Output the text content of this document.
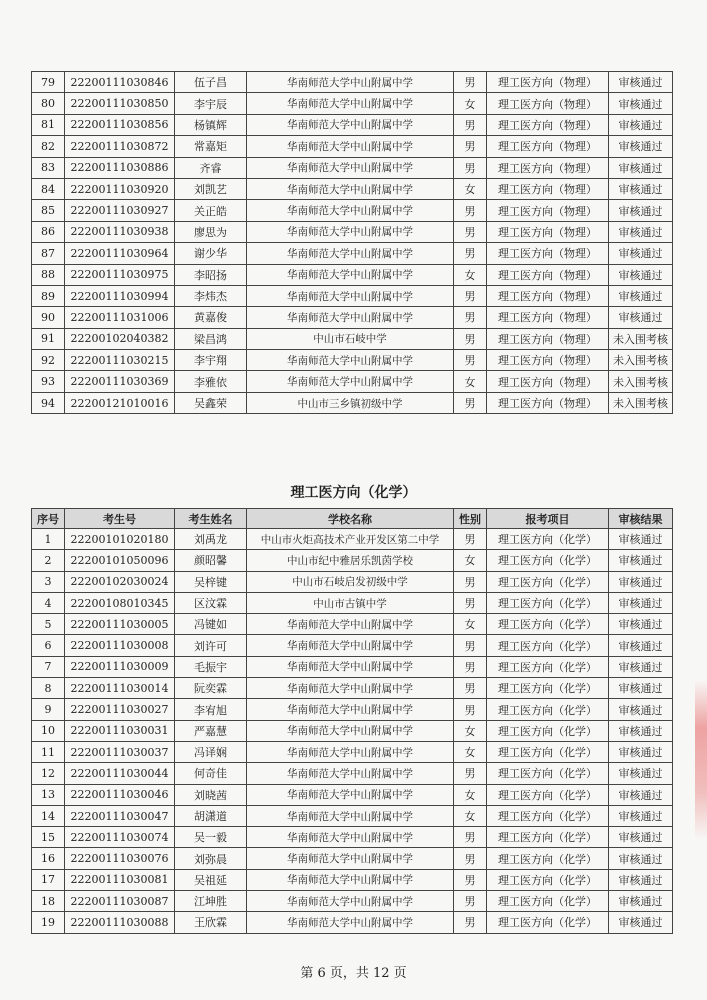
79	22200111030846	伍子昌	华南师范大学中山附属中学	男	理工医方向（物理）	审核通过
80	22200111030850	李宇辰	华南师范大学中山附属中学	女	理工医方向（物理）	审核通过
81	22200111030856	杨镇辉	华南师范大学中山附属中学	男	理工医方向（物理）	审核通过
82	22200111030872	常嘉矩	华南师范大学中山附属中学	男	理工医方向（物理）	审核通过
83	22200111030886	齐睿	华南师范大学中山附属中学	男	理工医方向（物理）	审核通过
84	22200111030920	刘凯艺	华南师范大学中山附属中学	女	理工医方向（物理）	审核通过
85	22200111030927	关正皓	华南师范大学中山附属中学	男	理工医方向（物理）	审核通过
86	22200111030938	廖思为	华南师范大学中山附属中学	男	理工医方向（物理）	审核通过
87	22200111030964	谢少华	华南师范大学中山附属中学	男	理工医方向（物理）	审核通过
88	22200111030975	李昭扬	华南师范大学中山附属中学	女	理工医方向（物理）	审核通过
89	22200111030994	李炜杰	华南师范大学中山附属中学	男	理工医方向（物理）	审核通过
90	22200111031006	黄嘉俊	华南师范大学中山附属中学	男	理工医方向（物理）	审核通过
91	22200102040382	梁昌鸿	中山市石岐中学	男	理工医方向（物理）	未入围考核
92	22200111030215	李宇翔	华南师范大学中山附属中学	男	理工医方向（物理）	未入围考核
93	22200111030369	李雅依	华南师范大学中山附属中学	女	理工医方向（物理）	未入围考核
94	22200121010016	吴鑫荣	中山市三乡镇初级中学	男	理工医方向（物理）	未入围考核
理工医方向（化学）
序号	考生号	考生姓名	学校名称	性别	报考项目	审核结果
1	22200101020180	刘禹龙	中山市火炬高技术产业开发区第二中学	男	理工医方向（化学）	审核通过
2	22200101050096	颜昭馨	中山市纪中雅居乐凯茵学校	女	理工医方向（化学）	审核通过
3	22200102030024	吴梓键	中山市石岐启发初级中学	男	理工医方向（化学）	审核通过
4	22200108010345	区汶霖	中山市古镇中学	男	理工医方向（化学）	审核通过
5	22200111030005	冯键如	华南师范大学中山附属中学	女	理工医方向（化学）	审核通过
6	22200111030008	刘许可	华南师范大学中山附属中学	男	理工医方向（化学）	审核通过
7	22200111030009	毛振宇	华南师范大学中山附属中学	男	理工医方向（化学）	审核通过
8	22200111030014	阮奕霖	华南师范大学中山附属中学	男	理工医方向（化学）	审核通过
9	22200111030027	李宥旭	华南师范大学中山附属中学	男	理工医方向（化学）	审核通过
10	22200111030031	严嘉慧	华南师范大学中山附属中学	女	理工医方向（化学）	审核通过
11	22200111030037	冯译娴	华南师范大学中山附属中学	女	理工医方向（化学）	审核通过
12	22200111030044	何奇佳	华南师范大学中山附属中学	男	理工医方向（化学）	审核通过
13	22200111030046	刘晓茜	华南师范大学中山附属中学	女	理工医方向（化学）	审核通过
14	22200111030047	胡潇道	华南师范大学中山附属中学	女	理工医方向（化学）	审核通过
15	22200111030074	吴一毅	华南师范大学中山附属中学	男	理工医方向（化学）	审核通过
16	22200111030076	刘弥晨	华南师范大学中山附属中学	男	理工医方向（化学）	审核通过
17	22200111030081	吴祖延	华南师范大学中山附属中学	男	理工医方向（化学）	审核通过
18	22200111030087	江坤胜	华南师范大学中山附属中学	男	理工医方向（化学）	审核通过
19	22200111030088	王欣霖	华南师范大学中山附属中学	男	理工医方向（化学）	审核通过
第 6 页，共 12 页
